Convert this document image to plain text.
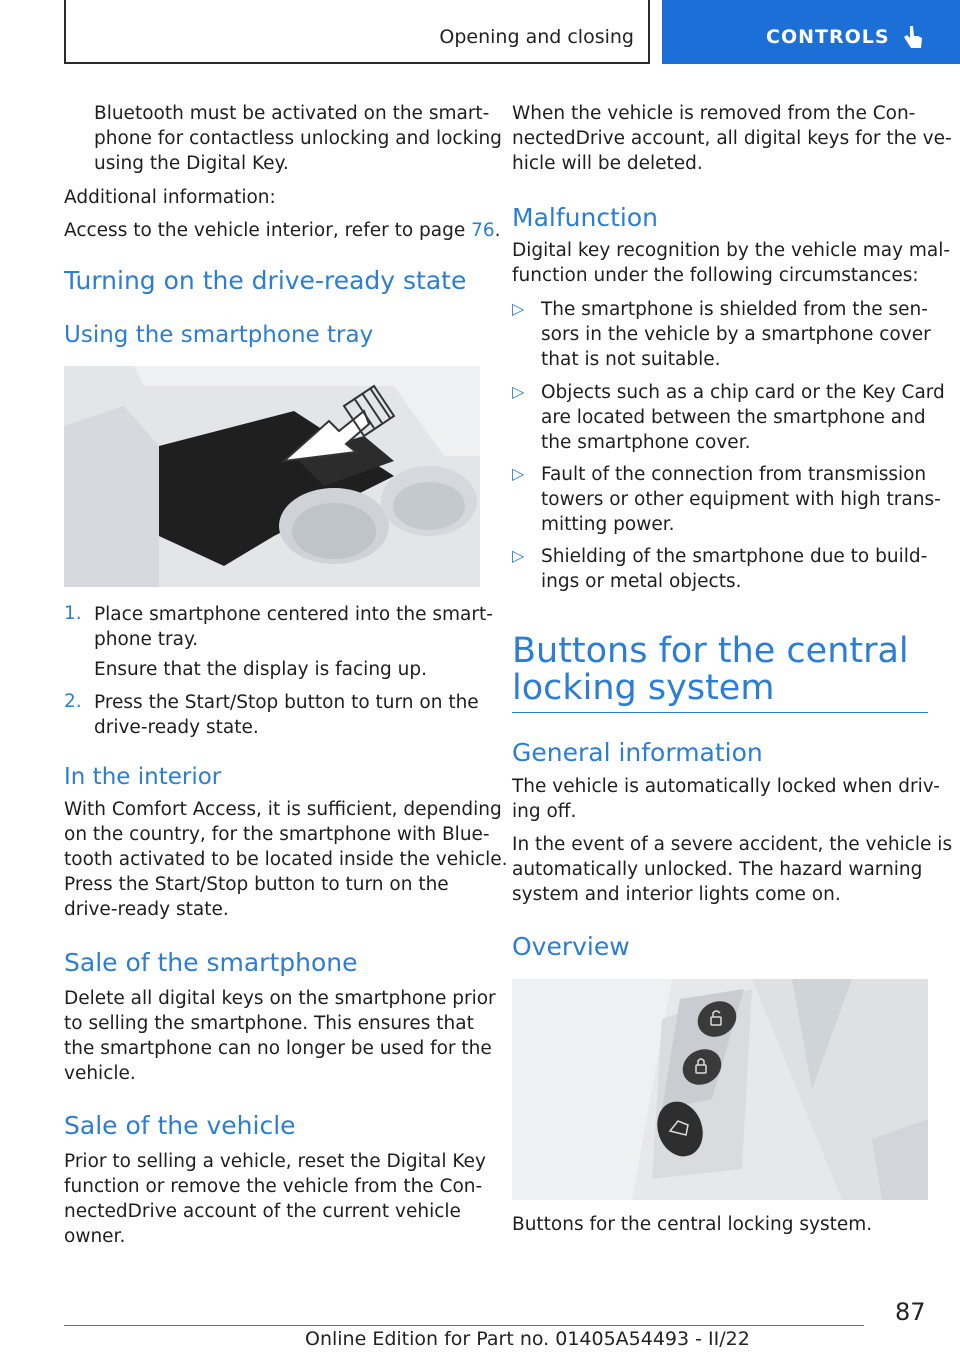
Opening and closing	CONTROLS
Bluetooth must be activated on the smart-
phone for contactless unlocking and locking
using the Digital Key.
Additional information:
Access to the vehicle interior, refer to page 76.
Turning on the drive-ready state
Using the smartphone tray
1. Place smartphone centered into the smart-
phone tray.
Ensure that the display is facing up.
2. Press the Start/Stop button to turn on the
drive-ready state.
In the interior
With Comfort Access, it is sufficient, depending
on the country, for the smartphone with Blue-
tooth activated to be located inside the vehicle.
Press the Start/Stop button to turn on the
drive-ready state.
Sale of the smartphone
Delete all digital keys on the smartphone prior
to selling the smartphone. This ensures that
the smartphone can no longer be used for the
vehicle.
Sale of the vehicle
Prior to selling a vehicle, reset the Digital Key
function or remove the vehicle from the Con-
nectedDrive account of the current vehicle
owner.
When the vehicle is removed from the Con-
nectedDrive account, all digital keys for the ve-
hicle will be deleted.
Malfunction
Digital key recognition by the vehicle may mal-
function under the following circumstances:
▷ The smartphone is shielded from the sen-
sors in the vehicle by a smartphone cover
that is not suitable.
▷ Objects such as a chip card or the Key Card
are located between the smartphone and
the smartphone cover.
▷ Fault of the connection from transmission
towers or other equipment with high trans-
mitting power.
▷ Shielding of the smartphone due to build-
ings or metal objects.
Buttons for the central
locking system
General information
The vehicle is automatically locked when driv-
ing off.
In the event of a severe accident, the vehicle is
automatically unlocked. The hazard warning
system and interior lights come on.
Overview
Buttons for the central locking system.
87
Online Edition for Part no. 01405A54493 - II/22
